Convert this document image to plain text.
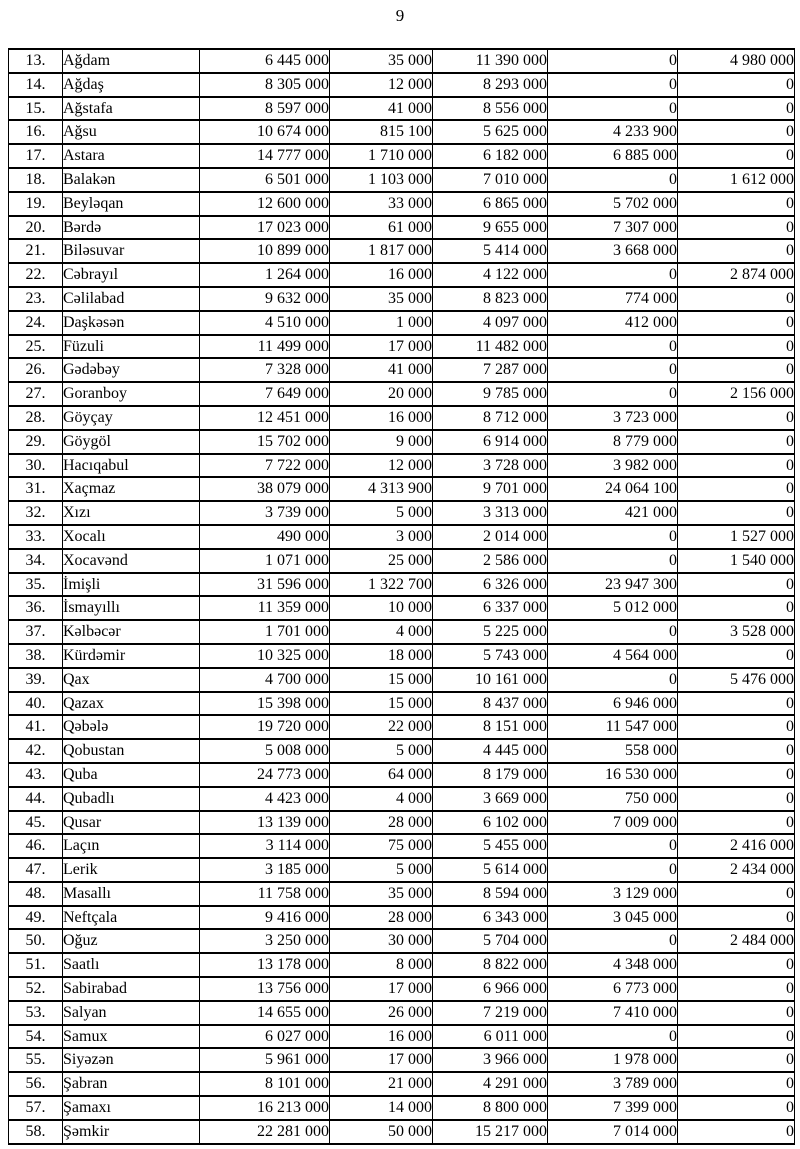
9
13.	Ağdam	6 445 000	35 000	11 390 000	0	4 980 000
14.	Ağdaş	8 305 000	12 000	8 293 000	0	0
15.	Ağstafa	8 597 000	41 000	8 556 000	0	0
16.	Ağsu	10 674 000	815 100	5 625 000	4 233 900	0
17.	Astara	14 777 000	1 710 000	6 182 000	6 885 000	0
18.	Balakən	6 501 000	1 103 000	7 010 000	0	1 612 000
19.	Beyləqan	12 600 000	33 000	6 865 000	5 702 000	0
20.	Bərdə	17 023 000	61 000	9 655 000	7 307 000	0
21.	Biləsuvar	10 899 000	1 817 000	5 414 000	3 668 000	0
22.	Cəbrayıl	1 264 000	16 000	4 122 000	0	2 874 000
23.	Cəlilabad	9 632 000	35 000	8 823 000	774 000	0
24.	Daşkəsən	4 510 000	1 000	4 097 000	412 000	0
25.	Füzuli	11 499 000	17 000	11 482 000	0	0
26.	Gədəbəy	7 328 000	41 000	7 287 000	0	0
27.	Goranboy	7 649 000	20 000	9 785 000	0	2 156 000
28.	Göyçay	12 451 000	16 000	8 712 000	3 723 000	0
29.	Göygöl	15 702 000	9 000	6 914 000	8 779 000	0
30.	Hacıqabul	7 722 000	12 000	3 728 000	3 982 000	0
31.	Xaçmaz	38 079 000	4 313 900	9 701 000	24 064 100	0
32.	Xızı	3 739 000	5 000	3 313 000	421 000	0
33.	Xocalı	490 000	3 000	2 014 000	0	1 527 000
34.	Xocavənd	1 071 000	25 000	2 586 000	0	1 540 000
35.	İmişli	31 596 000	1 322 700	6 326 000	23 947 300	0
36.	İsmayıllı	11 359 000	10 000	6 337 000	5 012 000	0
37.	Kəlbəcər	1 701 000	4 000	5 225 000	0	3 528 000
38.	Kürdəmir	10 325 000	18 000	5 743 000	4 564 000	0
39.	Qax	4 700 000	15 000	10 161 000	0	5 476 000
40.	Qazax	15 398 000	15 000	8 437 000	6 946 000	0
41.	Qəbələ	19 720 000	22 000	8 151 000	11 547 000	0
42.	Qobustan	5 008 000	5 000	4 445 000	558 000	0
43.	Quba	24 773 000	64 000	8 179 000	16 530 000	0
44.	Qubadlı	4 423 000	4 000	3 669 000	750 000	0
45.	Qusar	13 139 000	28 000	6 102 000	7 009 000	0
46.	Laçın	3 114 000	75 000	5 455 000	0	2 416 000
47.	Lerik	3 185 000	5 000	5 614 000	0	2 434 000
48.	Masallı	11 758 000	35 000	8 594 000	3 129 000	0
49.	Neftçala	9 416 000	28 000	6 343 000	3 045 000	0
50.	Oğuz	3 250 000	30 000	5 704 000	0	2 484 000
51.	Saatlı	13 178 000	8 000	8 822 000	4 348 000	0
52.	Sabirabad	13 756 000	17 000	6 966 000	6 773 000	0
53.	Salyan	14 655 000	26 000	7 219 000	7 410 000	0
54.	Samux	6 027 000	16 000	6 011 000	0	0
55.	Siyəzən	5 961 000	17 000	3 966 000	1 978 000	0
56.	Şabran	8 101 000	21 000	4 291 000	3 789 000	0
57.	Şamaxı	16 213 000	14 000	8 800 000	7 399 000	0
58.	Şəmkir	22 281 000	50 000	15 217 000	7 014 000	0
